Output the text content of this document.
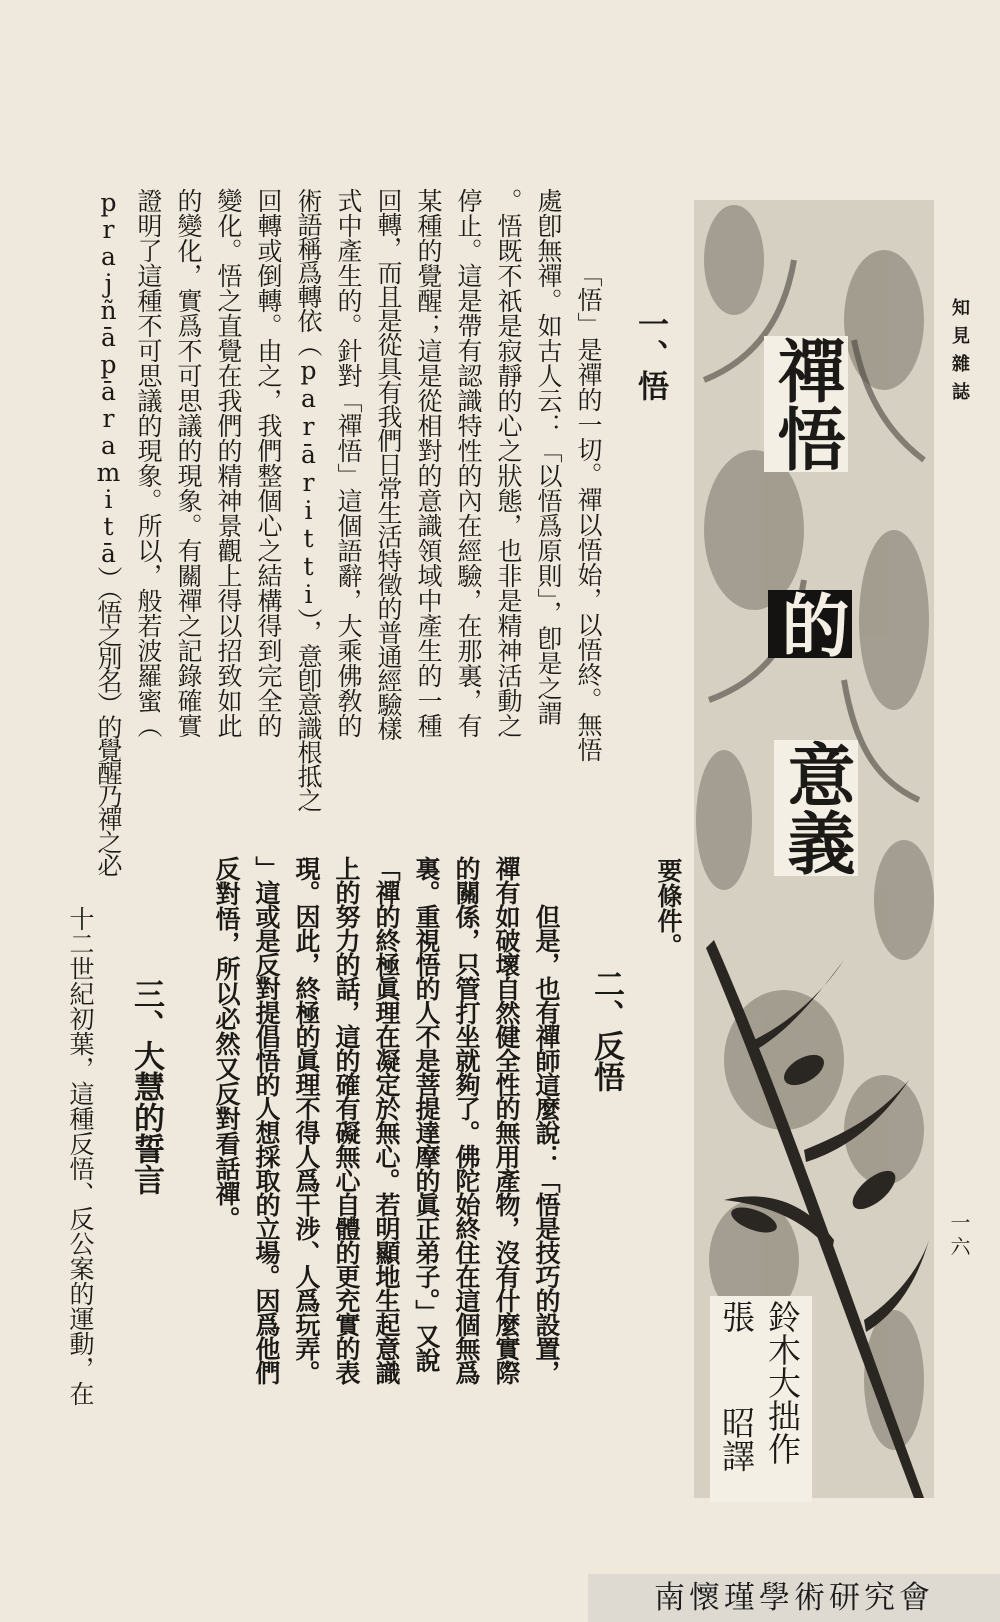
知見雜誌
一六
禪悟
的
意義
鈴木大拙作
張
昭譯
一、悟
「悟」是禪的一切。禪以悟始，以悟終。無悟
處卽無禪。如古人云：「以悟爲原則」，卽是之謂
。悟既不祇是寂靜的心之狀態，也非是精神活動之
停止。這是帶有認識特性的內在經驗，在那裏，有
某種的覺醒；這是從相對的意識領域中產生的一種
回轉，而且是從具有我們日常生活特徵的普通經驗樣
式中產生的。針對「禪悟」這個語辭，大乘佛敎的
術語稱爲轉依（parāritti），意卽意識根抵之
回轉或倒轉。由之，我們整個心之結構得到完全的
變化。悟之直覺在我們的精神景觀上得以招致如此
的變化，實爲不可思議的現象。有關禪之記錄確實
證明了這種不可思議的現象。所以，般若波羅蜜（
prajñāpāramitā）（悟之別名）的覺醒乃禪之必
要條件。
二、反悟
但是，也有禪師這麼說：「悟是技巧的設置，
禪有如破壞自然健全性的無用產物，沒有什麼實際
的關係，只管打坐就夠了。佛陀始終住在這個無爲
裏。重視悟的人不是菩提達摩的眞正弟子。」又說
「禪的終極眞理在凝定於無心。若明顯地生起意識
上的努力的話，這的確有礙無心自體的更充實的表
現。因此，終極的眞理不得人爲干涉、人爲玩弄。
」這或是反對提倡悟的人想採取的立場。因爲他們
反對悟，所以必然又反對看話禪。
三、大慧的誓言
十二世紀初葉，這種反悟、反公案的運動，在
南懷瑾學術研究會
